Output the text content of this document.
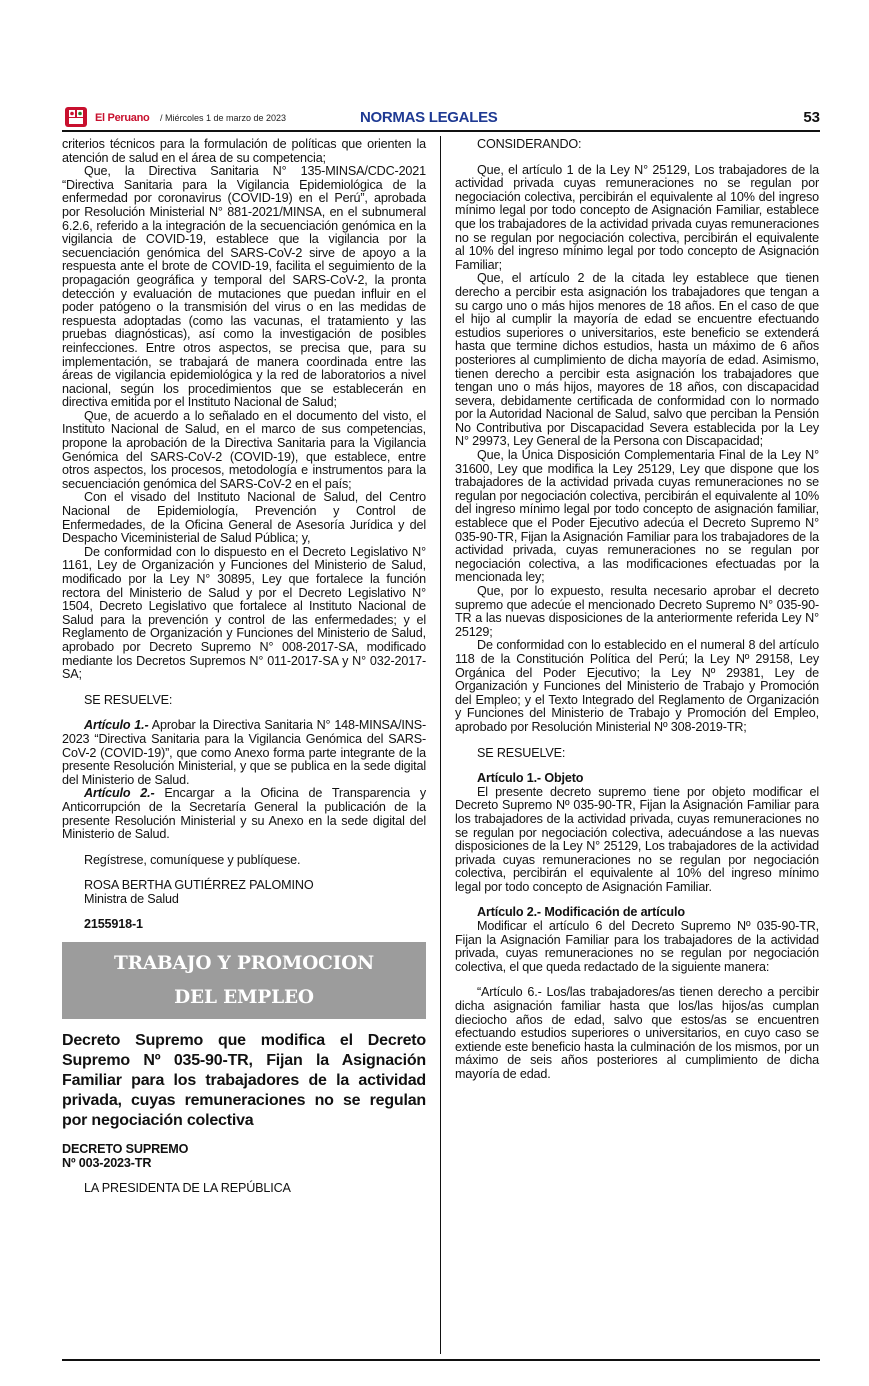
El Peruano / Miércoles 1 de marzo de 2023	NORMAS LEGALES	53

criterios técnicos para la formulación de políticas que orienten la atención de salud en el área de su competencia;

Que, la Directiva Sanitaria N° 135-MINSA/CDC-2021 “Directiva Sanitaria para la Vigilancia Epidemiológica de la enfermedad por coronavirus (COVID-19) en el Perú”, aprobada por Resolución Ministerial N° 881-2021/MINSA, en el subnumeral 6.2.6, referido a la integración de la secuenciación genómica en la vigilancia de COVID-19, establece que la vigilancia por la secuenciación genómica del SARS-CoV-2 sirve de apoyo a la respuesta ante el brote de COVID-19, facilita el seguimiento de la propagación geográfica y temporal del SARS-CoV-2, la pronta detección y evaluación de mutaciones que puedan influir en el poder patógeno o la transmisión del virus o en las medidas de respuesta adoptadas (como las vacunas, el tratamiento y las pruebas diagnósticas), así como la investigación de posibles reinfecciones. Entre otros aspectos, se precisa que, para su implementación, se trabajará de manera coordinada entre las áreas de vigilancia epidemiológica y la red de laboratorios a nivel nacional, según los procedimientos que se establecerán en directiva emitida por el Instituto Nacional de Salud;

Que, de acuerdo a lo señalado en el documento del visto, el Instituto Nacional de Salud, en el marco de sus competencias, propone la aprobación de la Directiva Sanitaria para la Vigilancia Genómica del SARS-CoV-2 (COVID-19), que establece, entre otros aspectos, los procesos, metodología e instrumentos para la secuenciación genómica del SARS-CoV-2 en el país;

Con el visado del Instituto Nacional de Salud, del Centro Nacional de Epidemiología, Prevención y Control de Enfermedades, de la Oficina General de Asesoría Jurídica y del Despacho Viceministerial de Salud Pública; y,

De conformidad con lo dispuesto en el Decreto Legislativo N° 1161, Ley de Organización y Funciones del Ministerio de Salud, modificado por la Ley N° 30895, Ley que fortalece la función rectora del Ministerio de Salud y por el Decreto Legislativo N° 1504, Decreto Legislativo que fortalece al Instituto Nacional de Salud para la prevención y control de las enfermedades; y el Reglamento de Organización y Funciones del Ministerio de Salud, aprobado por Decreto Supremo N° 008-2017-SA, modificado mediante los Decretos Supremos N° 011-2017-SA y N° 032-2017-SA;

SE RESUELVE:

Artículo 1.- Aprobar la Directiva Sanitaria N° 148-MINSA/INS-2023 “Directiva Sanitaria para la Vigilancia Genómica del SARS-CoV-2 (COVID-19)”, que como Anexo forma parte integrante de la presente Resolución Ministerial, y que se publica en la sede digital del Ministerio de Salud.

Artículo 2.- Encargar a la Oficina de Transparencia y Anticorrupción de la Secretaría General la publicación de la presente Resolución Ministerial y su Anexo en la sede digital del Ministerio de Salud.

Regístrese, comuníquese y publíquese.

ROSA BERTHA GUTIÉRREZ PALOMINO

Ministra de Salud

2155918-1

TRABAJO Y PROMOCION
DEL EMPLEO
Decreto Supremo que modifica el Decreto Supremo Nº 035-90-TR, Fijan la Asignación Familiar para los trabajadores de la actividad privada, cuyas remuneraciones no se regulan por negociación colectiva

DECRETO SUPREMO

Nº 003-2023-TR

LA PRESIDENTA DE LA REPÚBLICA

CONSIDERANDO:

Que, el artículo 1 de la Ley N° 25129, Los trabajadores de la actividad privada cuyas remuneraciones no se regulan por negociación colectiva, percibirán el equivalente al 10% del ingreso mínimo legal por todo concepto de Asignación Familiar, establece que los trabajadores de la actividad privada cuyas remuneraciones no se regulan por negociación colectiva, percibirán el equivalente al 10% del ingreso mínimo legal por todo concepto de Asignación Familiar;

Que, el artículo 2 de la citada ley establece que tienen derecho a percibir esta asignación los trabajadores que tengan a su cargo uno o más hijos menores de 18 años. En el caso de que el hijo al cumplir la mayoría de edad se encuentre efectuando estudios superiores o universitarios, este beneficio se extenderá hasta que termine dichos estudios, hasta un máximo de 6 años posteriores al cumplimiento de dicha mayoría de edad. Asimismo, tienen derecho a percibir esta asignación los trabajadores que tengan uno o más hijos, mayores de 18 años, con discapacidad severa, debidamente certificada de conformidad con lo normado por la Autoridad Nacional de Salud, salvo que perciban la Pensión No Contributiva por Discapacidad Severa establecida por la Ley N° 29973, Ley General de la Persona con Discapacidad;

Que, la Única Disposición Complementaria Final de la Ley N° 31600, Ley que modifica la Ley 25129, Ley que dispone que los trabajadores de la actividad privada cuyas remuneraciones no se regulan por negociación colectiva, percibirán el equivalente al 10% del ingreso mínimo legal por todo concepto de asignación familiar, establece que el Poder Ejecutivo adecúa el Decreto Supremo N° 035-90-TR, Fijan la Asignación Familiar para los trabajadores de la actividad privada, cuyas remuneraciones no se regulan por negociación colectiva, a las modificaciones efectuadas por la mencionada ley;

Que, por lo expuesto, resulta necesario aprobar el decreto supremo que adecúe el mencionado Decreto Supremo N° 035-90-TR a las nuevas disposiciones de la anteriormente referida Ley N° 25129;

De conformidad con lo establecido en el numeral 8 del artículo 118 de la Constitución Política del Perú; la Ley Nº 29158, Ley Orgánica del Poder Ejecutivo; la Ley Nº 29381, Ley de Organización y Funciones del Ministerio de Trabajo y Promoción del Empleo; y el Texto Integrado del Reglamento de Organización y Funciones del Ministerio de Trabajo y Promoción del Empleo, aprobado por Resolución Ministerial Nº 308-2019-TR;

SE RESUELVE:

Artículo 1.- Objeto

El presente decreto supremo tiene por objeto modificar el Decreto Supremo Nº 035-90-TR, Fijan la Asignación Familiar para los trabajadores de la actividad privada, cuyas remuneraciones no se regulan por negociación colectiva, adecuándose a las nuevas disposiciones de la Ley N° 25129, Los trabajadores de la actividad privada cuyas remuneraciones no se regulan por negociación colectiva, percibirán el equivalente al 10% del ingreso mínimo legal por todo concepto de Asignación Familiar.

Artículo 2.- Modificación de artículo

Modificar el artículo 6 del Decreto Supremo Nº 035-90-TR, Fijan la Asignación Familiar para los trabajadores de la actividad privada, cuyas remuneraciones no se regulan por negociación colectiva, el que queda redactado de la siguiente manera:

“Artículo 6.- Los/las trabajadores/as tienen derecho a percibir dicha asignación familiar hasta que los/las hijos/as cumplan dieciocho años de edad, salvo que estos/as se encuentren efectuando estudios superiores o universitarios, en cuyo caso se extiende este beneficio hasta la culminación de los mismos, por un máximo de seis años posteriores al cumplimiento de dicha mayoría de edad.
